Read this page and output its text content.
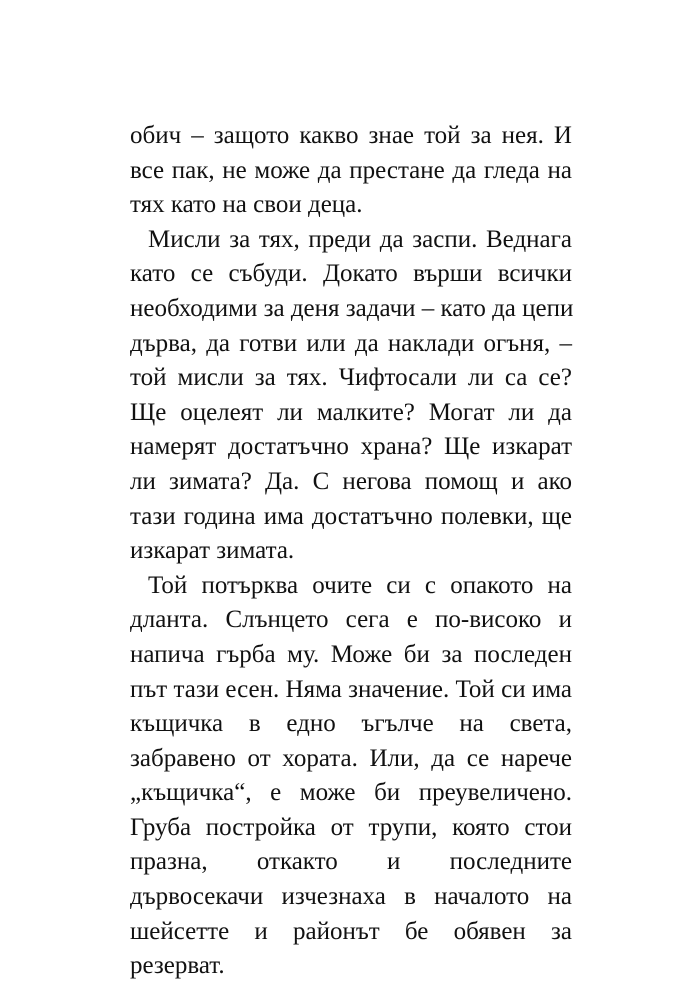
обич – защото какво знае той за нея. И
все пак, не може да престане да гледа на
тях като на свои деца.
Мисли за тях, преди да заспи. Веднага
като се събуди. Докато върши всички
необходими за деня задачи – като да цепи
дърва, да готви или да наклади огъня, –
той мисли за тях. Чифтосали ли са се?
Ще оцелеят ли малките? Могат ли да
намерят достатъчно храна? Ще изкарат
ли зимата? Да. С негова помощ и ако
тази година има достатъчно полевки, ще
изкарат зимата.
Той потърква очите си с опакото на
дланта. Слънцето сега е по-високо и
напича гърба му. Може би за последен
път тази есен. Няма значение. Той си има
къщичка в едно ъгълче на света,
забравено от хората. Или, да се нарече
„къщичка“, е може би преувеличено.
Груба постройка от трупи, която стои
празна, откакто и последните
дървосекачи изчезнаха в началото на
шейсетте и районът бе обявен за
резерват.
